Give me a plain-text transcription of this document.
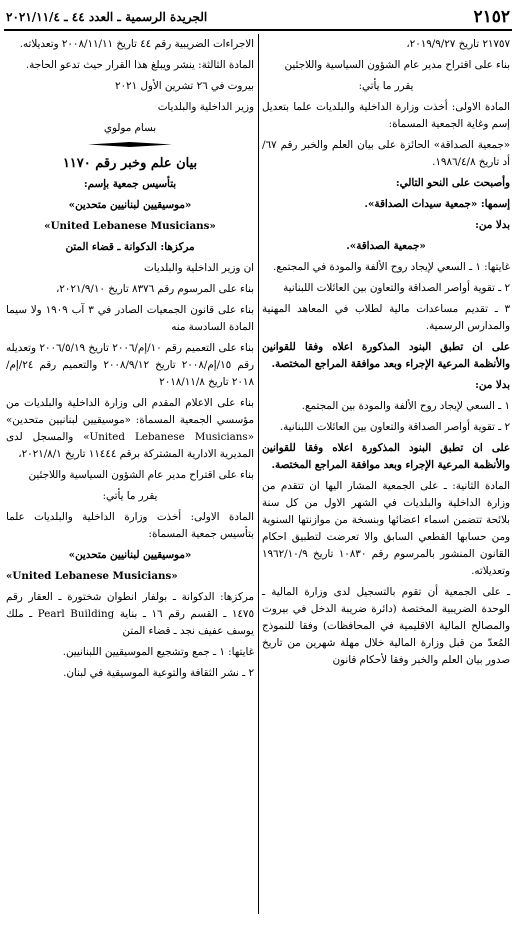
٢١٥٢
الجريدة الرسمية ـ العدد ٤٤ ـ ٢٠٢١/١١/٤

٢١٧٥٧ تاريخ ٢٠١٩/٩/٢٧،

بناء على اقتراح مدير عام الشؤون السياسية واللاجئين

يقرر ما يأتي:

المادة الاولى: أخذت وزارة الداخلية والبلديات علما بتعديل إسم وغاية الجمعية المسماة:

«جمعية الصداقة» الحائزة على بيان العلم والخبر رقم ٦٧/أد تاريخ ١٩٨٦/٤/٨.

وأصبحت على النحو التالي:

إسمها: «جمعية سيدات الصداقة».

بدلا من:

«جمعية الصداقة».

غايتها: ١ ـ السعي لإيجاد روح الألفة والمودة في المجتمع.

٢ ـ تقوية أواصر الصداقة والتعاون بين العائلات اللبنانية

٣ ـ تقديم مساعدات مالية لطلاب في المعاهد المهنية والمدارس الرسمية.

على ان تطبق البنود المذكورة اعلاه وفقا للقوانين والأنظمة المرعية الإجراء وبعد موافقة المراجع المختصة.

بدلا من:

١ ـ السعي لإيجاد روح الألفة والمودة بين المجتمع.

٢ ـ تقوية أواصر الصداقة والتعاون بين العائلات اللبنانية.

على ان تطبق البنود المذكورة اعلاه وفقا للقوانين والأنظمة المرعية الإجراء وبعد موافقة المراجع المختصة.

المادة الثانية: ـ على الجمعية المشار اليها ان تتقدم من وزارة الداخلية والبلديات في الشهر الاول من كل سنة بلائحة تتضمن اسماء اعضائها وبنسخة من موازنتها السنوية ومن حسابها القطعي السابق والا تعرضت لتطبيق احكام القانون المنشور بالمرسوم رقم ١٠٨٣٠ تاريخ ١٩٦٢/١٠/٩ وتعديلاته.

ـ على الجمعية أن تقوم بالتسجيل لدى وزارة المالية ـ الوحدة الضريبية المختصة (دائرة ضريبة الدخل في بيروت والمصالح المالية الاقليمية في المحافظات) وفقا للنموذج المُعدّ من قبل وزارة المالية خلال مهلة شهرين من تاريخ صدور بيان العلم والخبر وفقا لأحكام قانون

الاجراءات الضريبية رقم ٤٤ تاريخ ٢٠٠٨/١١/١١ وتعديلاته.

المادة الثالثة: ينشر ويبلغ هذا القرار حيث تدعو الحاجة.

بيروت في ٢٦ تشرين الأول ٢٠٢١

وزير الداخلية والبلديات

بسام مولوي

بيان علم وخبر رقم ١١٧٠

بتأسيس جمعية بإسم:

«موسيقيين لبنانيين متحدين»

«United Lebanese Musicians»

مركزها: الدكوانة ـ قضاء المتن

ان وزير الداخلية والبلديات

بناء على المرسوم رقم ٨٣٧٦ تاريخ ٢٠٢١/٩/١٠،

بناء على قانون الجمعيات الصادر في ٣ آب ١٩٠٩ ولا سيما المادة السادسة منه

بناء على التعميم رقم ١٠/إم/٢٠٠٦ تاريخ ٢٠٠٦/٥/١٩ وتعديله رقم ١٥/إم/٢٠٠٨ تاريخ ٢٠٠٨/٩/١٢ والتعميم رقم ٢٤/إم/٢٠١٨ تاريخ ٢٠١٨/١١/٨

بناء على الاعلام المقدم الى وزارة الداخلية والبلديات من مؤسسي الجمعية المسماة: «موسيقيين لبنانيين متحدين» «United Lebanese Musicians» والمسجل لدى المديرية الادارية المشتركة برقم ١١٤٤٤ تاريخ ٢٠٢١/٨/١،

بناء على اقتراح مدير عام الشؤون السياسية واللاجئين

يقرر ما يأتي:

المادة الاولى: أخذت وزارة الداخلية والبلديات علما بتأسيس جمعية المسماة:

«موسيقيين لبنانيين متحدين»

«United Lebanese Musicians»

مركزها: الدكوانة ـ بولفار انطوان شختورة ـ العقار رقم ١٤٧٥ ـ القسم رقم ١٦ ـ بناية Pearl Building ـ ملك يوسف عفيف نجد ـ قضاء المتن

غايتها: ١ ـ جمع وتشجيع الموسيقيين اللبنانيين.

٢ ـ نشر الثقافة والتوعية الموسيقية في لبنان.
